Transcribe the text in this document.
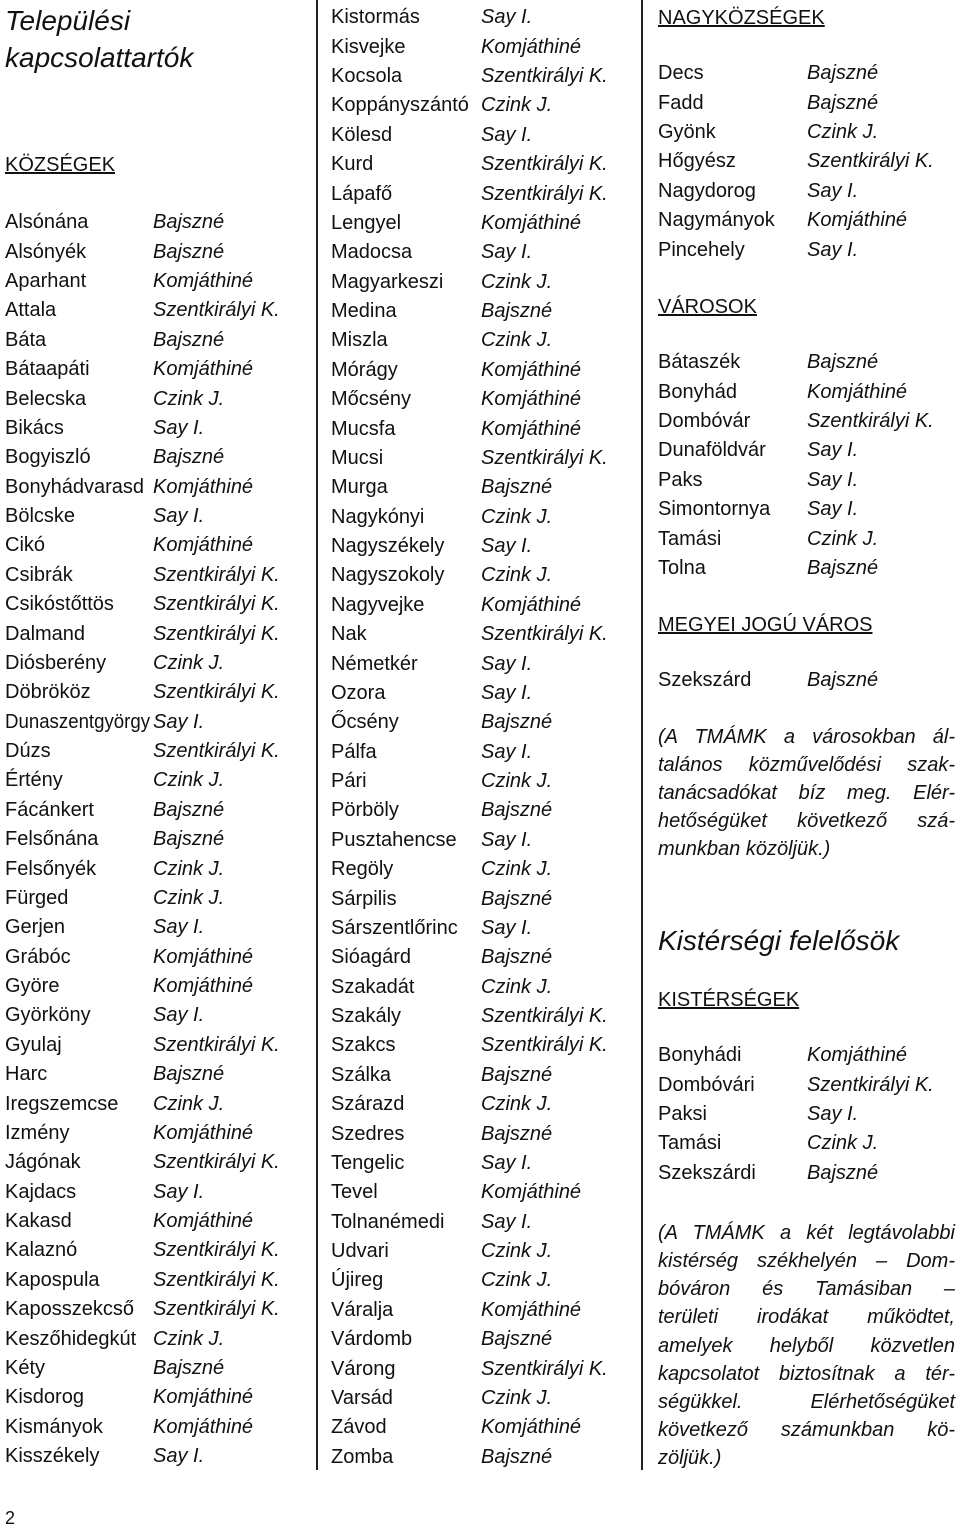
Települési
kapcsolattartók
KÖZSÉGEK
Alsónána	Bajszné
Alsónyék	Bajszné
Aparhant	Komjáthiné
Attala	Szentkirályi K.
Báta	Bajszné
Bátaapáti	Komjáthiné
Belecska	Czink J.
Bikács	Say I.
Bogyiszló	Bajszné
Bonyhádvarasd Komjáthiné
Bölcske	Say I.
Cikó	Komjáthiné
Csibrák	Szentkirályi K.
Csikóstőttös Szentkirályi K.
Dalmand	Szentkirályi K.
Diósberény Czink J.
Döbrököz	Szentkirályi K.
Dunaszentgyörgy Say I.
Dúzs	Szentkirályi K.
Értény	Czink J.
Fácánkert	Bajszné
Felsőnána	Bajszné
Felsőnyék	Czink J.
Fürged	Czink J.
Gerjen	Say I.
Grábóc	Komjáthiné
Györe	Komjáthiné
Györköny	Say I.
Gyulaj	Szentkirályi K.
Harc	Bajszné
Iregszemcse Czink J.
Izmény	Komjáthiné
Jágónak	Szentkirályi K.
Kajdacs	Say I.
Kakasd	Komjáthiné
Kalaznó	Szentkirályi K.
Kapospula	Szentkirályi K.
Kaposszekcső Szentkirályi K.
Keszőhidegkút Czink J.
Kéty	Bajszné
Kisdorog	Komjáthiné
Kismányok	Komjáthiné
Kisszékely	Say I.
Kistormás	Say I.
Kisvejke	Komjáthiné
Kocsola	Szentkirályi K.
Koppányszántó Czink J.
Kölesd	Say I.
Kurd	Szentkirályi K.
Lápafő	Szentkirályi K.
Lengyel	Komjáthiné
Madocsa	Say I.
Magyarkeszi Czink J.
Medina	Bajszné
Miszla	Czink J.
Mórágy	Komjáthiné
Mőcsény	Komjáthiné
Mucsfa	Komjáthiné
Mucsi	Szentkirályi K.
Murga	Bajszné
Nagykónyi	Czink J.
Nagyszékely Say I.
Nagyszokoly Czink J.
Nagyvejke	Komjáthiné
Nak	Szentkirályi K.
Németkér	Say I.
Ozora	Say I.
Őcsény	Bajszné
Pálfa	Say I.
Pári	Czink J.
Pörböly	Bajszné
Pusztahencse Say I.
Regöly	Czink J.
Sárpilis	Bajszné
Sárszentlőrinc Say I.
Sióagárd	Bajszné
Szakadát	Czink J.
Szakály	Szentkirályi K.
Szakcs	Szentkirályi K.
Szálka	Bajszné
Szárazd	Czink J.
Szedres	Bajszné
Tengelic	Say I.
Tevel	Komjáthiné
Tolnanémedi Say I.
Udvari	Czink J.
Újireg	Czink J.
Váralja	Komjáthiné
Várdomb	Bajszné
Várong	Szentkirályi K.
Varsád	Czink J.
Závod	Komjáthiné
Zomba	Bajszné
NAGYKÖZSÉGEK
Decs	Bajszné
Fadd	Bajszné
Gyönk	Czink J.
Hőgyész	Szentkirályi K.
Nagydorog	Say I.
Nagymányok Komjáthiné
Pincehely	Say I.
VÁROSOK
Bátaszék	Bajszné
Bonyhád	Komjáthiné
Dombóvár	Szentkirályi K.
Dunaföldvár Say I.
Paks	Say I.
Simontornya Say I.
Tamási	Czink J.
Tolna	Bajszné
MEGYEI JOGÚ VÁROS
Szekszárd	Bajszné
(A TMÁMK a városokban ál-
talános közművelődési szak-
tanácsadókat bíz meg. Elér-
hetőségüket következő szá-
munkban közöljük.)
Kistérségi felelősök
KISTÉRSÉGEK
Bonyhádi	Komjáthiné
Dombóvári	Szentkirályi K.
Paksi	Say I.
Tamási	Czink J.
Szekszárdi	Bajszné
(A TMÁMK a két legtávolabbi
kistérség székhelyén – Dom-
bóváron és Tamásiban –
területi irodákat működtet,
amelyek helyből közvetlen
kapcsolatot biztosítnak a tér-
ségükkel. Elérhetőségüket
következő számunkban kö-
zöljük.)
2
